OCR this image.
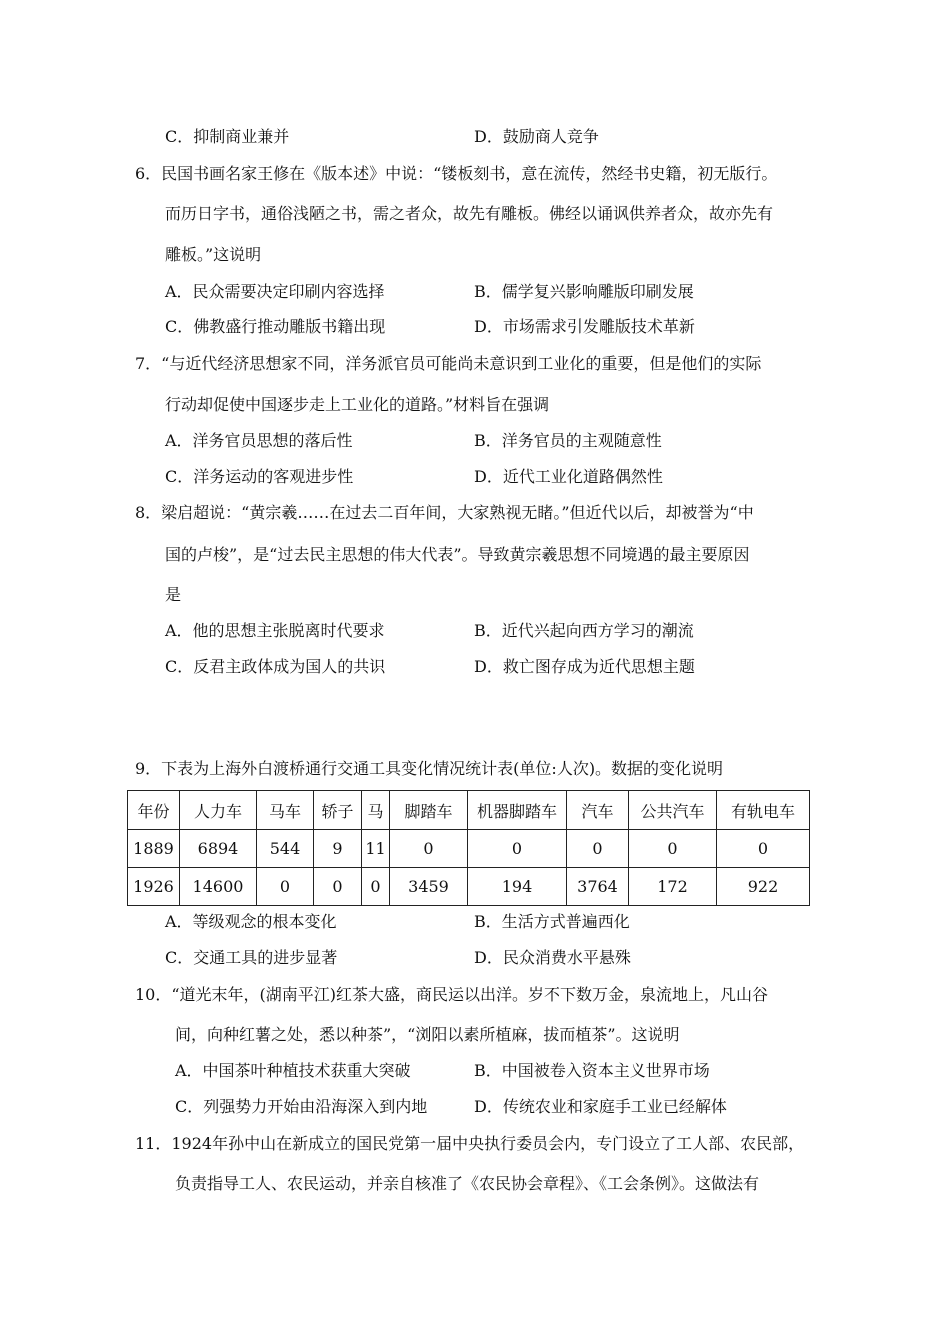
C．抑制商业兼并	D．鼓励商人竞争
6．民国书画名家王修在《版本述》中说：“镂板刻书，意在流传，然经书史籍，初无版行。
而历日字书，通俗浅陋之书，需之者众，故先有雕板。佛经以诵讽供养者众，故亦先有
雕板。”这说明
A．民众需要决定印刷内容选择	B．儒学复兴影响雕版印刷发展
C．佛教盛行推动雕版书籍出现	D．市场需求引发雕版技术革新
7．“与近代经济思想家不同，洋务派官员可能尚未意识到工业化的重要，但是他们的实际
行动却促使中国逐步走上工业化的道路。”材料旨在强调
A．洋务官员思想的落后性	B．洋务官员的主观随意性
C．洋务运动的客观进步性	D．近代工业化道路偶然性
8．梁启超说：“黄宗羲……在过去二百年间，大家熟视无睹。”但近代以后，却被誉为“中
国的卢梭”，是“过去民主思想的伟大代表”。导致黄宗羲思想不同境遇的最主要原因
是
A．他的思想主张脱离时代要求	B．近代兴起向西方学习的潮流
C．反君主政体成为国人的共识	D．救亡图存成为近代思想主题
9．下表为上海外白渡桥通行交通工具变化情况统计表(单位:人次)。数据的变化说明
年份	人力车	马车	轿子	马	脚踏车	机器脚踏车	汽车	公共汽车	有轨电车
1889	6894	544	9	11	0	0	0	0	0
1926	14600	0	0	0	3459	194	3764	172	922
A．等级观念的根本变化	B．生活方式普遍西化
C．交通工具的进步显著	D．民众消费水平悬殊
10．“道光末年，(湖南平江)红茶大盛，商民运以出洋。岁不下数万金，泉流地上，凡山谷
间，向种红薯之处，悉以种茶”，“浏阳以素所植麻，拔而植茶”。这说明
A．中国茶叶种植技术获重大突破	B．中国被卷入资本主义世界市场
C．列强势力开始由沿海深入到内地	D．传统农业和家庭手工业已经解体
11．1924年孙中山在新成立的国民党第一届中央执行委员会内，专门设立了工人部、农民部，
负责指导工人、农民运动，并亲自核准了《农民协会章程》、《工会条例》。这做法有
